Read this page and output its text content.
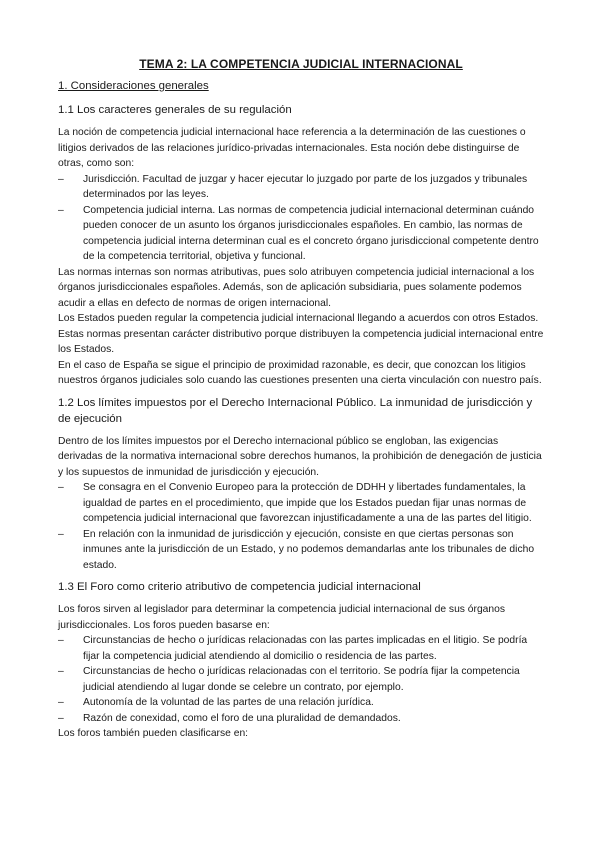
TEMA 2: LA COMPETENCIA JUDICIAL INTERNACIONAL
1. Consideraciones generales
1.1 Los caracteres generales de su regulación

La noción de competencia judicial internacional hace referencia a la determinación de las cuestiones o litigios derivados de las relaciones jurídico-privadas internacionales. Esta noción debe distinguirse de otras, como son:

– Jurisdicción. Facultad de juzgar y hacer ejecutar lo juzgado por parte de los juzgados y tribunales determinados por las leyes.
– Competencia judicial interna. Las normas de competencia judicial internacional determinan cuándo pueden conocer de un asunto los órganos jurisdiccionales españoles. En cambio, las normas de competencia judicial interna determinan cual es el concreto órgano jurisdiccional competente dentro de la competencia territorial, objetiva y funcional.

Las normas internas son normas atributivas, pues solo atribuyen competencia judicial internacional a los órganos jurisdiccionales españoles. Además, son de aplicación subsidiaria, pues solamente podemos acudir a ellas en defecto de normas de origen internacional.

Los Estados pueden regular la competencia judicial internacional llegando a acuerdos con otros Estados. Estas normas presentan carácter distributivo porque distribuyen la competencia judicial internacional entre los Estados.

En el caso de España se sigue el principio de proximidad razonable, es decir, que conozcan los litigios nuestros órganos judiciales solo cuando las cuestiones presenten una cierta vinculación con nuestro país.

1.2 Los límites impuestos por el Derecho Internacional Público. La inmunidad de jurisdicción y de ejecución

Dentro de los límites impuestos por el Derecho internacional público se engloban, las exigencias derivadas de la normativa internacional sobre derechos humanos, la prohibición de denegación de justicia y los supuestos de inmunidad de jurisdicción y ejecución.

– Se consagra en el Convenio Europeo para la protección de DDHH y libertades fundamentales, la igualdad de partes en el procedimiento, que impide que los Estados puedan fijar unas normas de competencia judicial internacional que favorezcan injustificadamente a una de las partes del litigio.
– En relación con la inmunidad de jurisdicción y ejecución, consiste en que ciertas personas son inmunes ante la jurisdicción de un Estado, y no podemos demandarlas ante los tribunales de dicho estado.
1.3 El Foro como criterio atributivo de competencia judicial internacional

Los foros sirven al legislador para determinar la competencia judicial internacional de sus órganos jurisdiccionales. Los foros pueden basarse en:

– Circunstancias de hecho o jurídicas relacionadas con las partes implicadas en el litigio. Se podría fijar la competencia judicial atendiendo al domicilio o residencia de las partes.
– Circunstancias de hecho o jurídicas relacionadas con el territorio. Se podría fijar la competencia judicial atendiendo al lugar donde se celebre un contrato, por ejemplo.
– Autonomía de la voluntad de las partes de una relación jurídica.
– Razón de conexidad, como el foro de una pluralidad de demandados.

Los foros también pueden clasificarse en:
